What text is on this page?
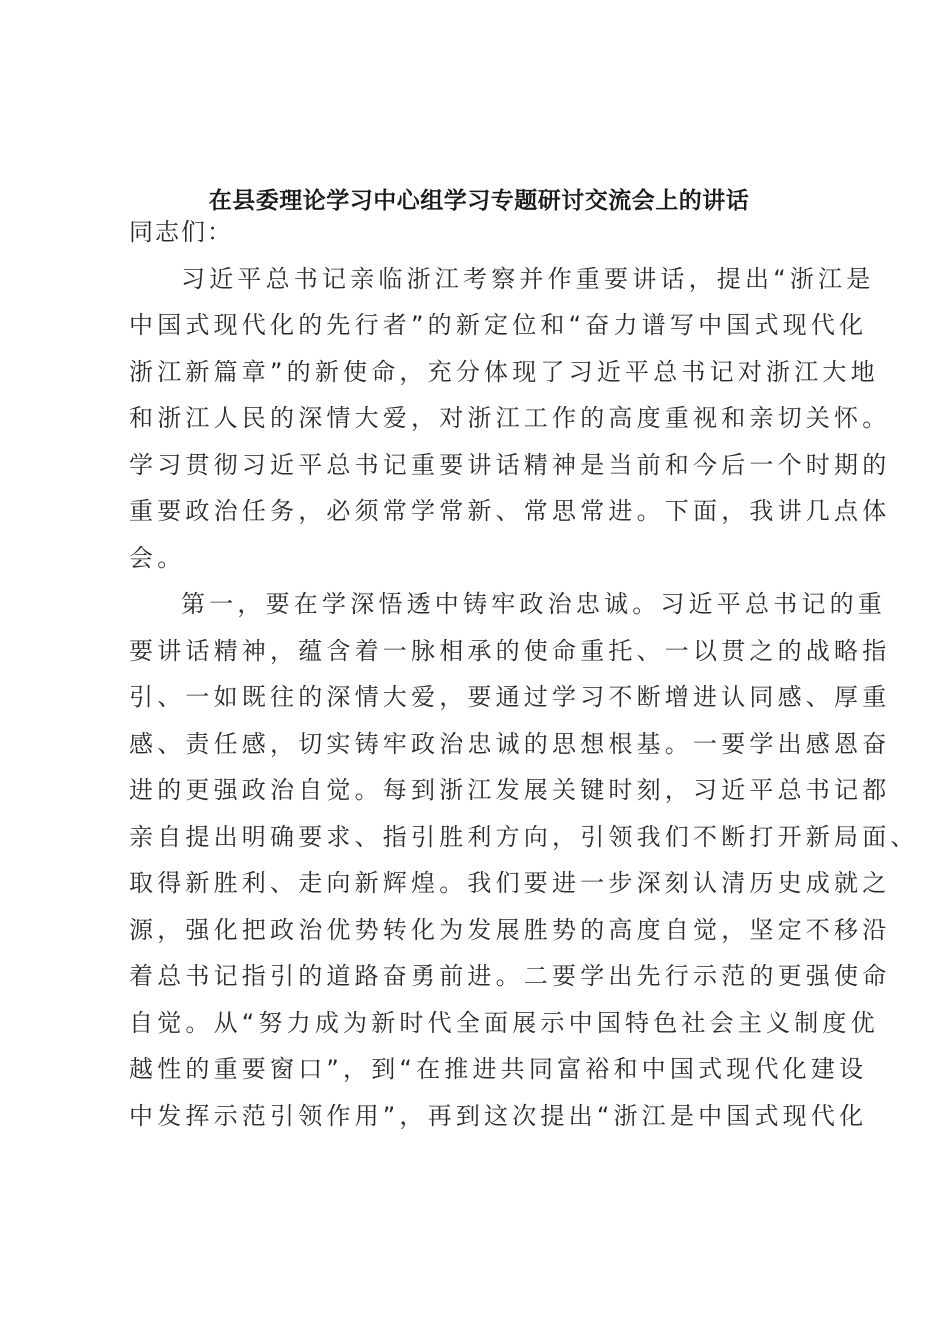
在县委理论学习中心组学习专题研讨交流会上的讲话

同志们：

习近平总书记亲临浙江考察并作重要讲话，提出“浙江是
中国式现代化的先行者”的新定位和“奋力谱写中国式现代化
浙江新篇章”的新使命，充分体现了习近平总书记对浙江大地
和浙江人民的深情大爱，对浙江工作的高度重视和亲切关怀。
学习贯彻习近平总书记重要讲话精神是当前和今后一个时期的
重要政治任务，必须常学常新、常思常进。下面，我讲几点体
会。

第一，要在学深悟透中铸牢政治忠诚。习近平总书记的重
要讲话精神，蕴含着一脉相承的使命重托、一以贯之的战略指
引、一如既往的深情大爱，要通过学习不断增进认同感、厚重
感、责任感，切实铸牢政治忠诚的思想根基。一要学出感恩奋
进的更强政治自觉。每到浙江发展关键时刻，习近平总书记都
亲自提出明确要求、指引胜利方向，引领我们不断打开新局面、
取得新胜利、走向新辉煌。我们要进一步深刻认清历史成就之
源，强化把政治优势转化为发展胜势的高度自觉，坚定不移沿
着总书记指引的道路奋勇前进。二要学出先行示范的更强使命
自觉。从“努力成为新时代全面展示中国特色社会主义制度优
越性的重要窗口”，到“在推进共同富裕和中国式现代化建设
中发挥示范引领作用”，再到这次提出“浙江是中国式现代化
